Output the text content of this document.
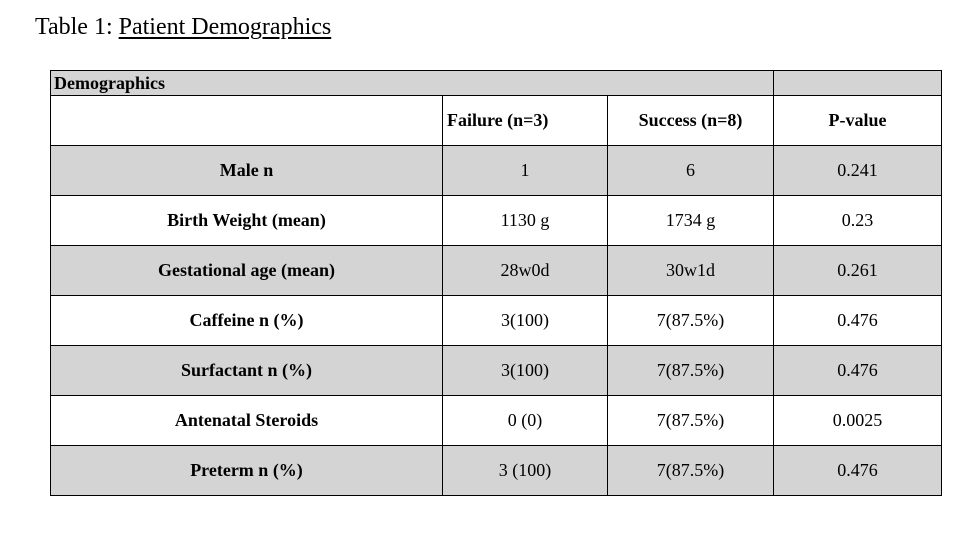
Table 1: Patient Demographics
Demographics			
	Failure (n=3)	Success (n=8)	P-value
Male n	1	6	0.241
Birth Weight (mean)	1130 g	1734 g	0.23
Gestational age (mean)	28w0d	30w1d	0.261
Caffeine n (%)	3(100)	7(87.5%)	0.476
Surfactant n (%)	3(100)	7(87.5%)	0.476
Antenatal Steroids	0 (0)	7(87.5%)	0.0025
Preterm n (%)	3 (100)	7(87.5%)	0.476
